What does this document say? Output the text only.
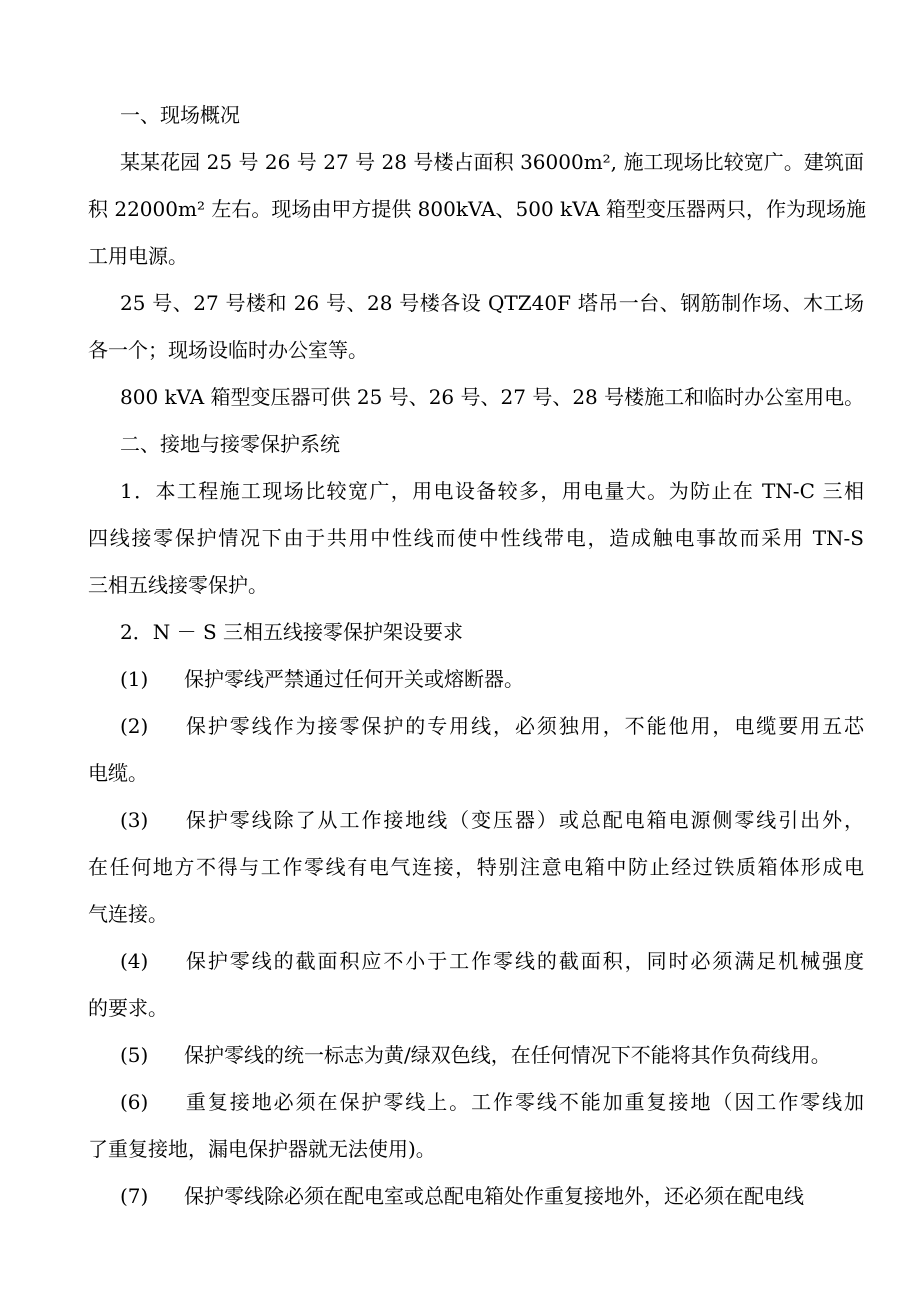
一、现场概况

某某花园 25 号 26 号 27 号 28 号楼占面积 36000m², 施工现场比较宽广。建筑面
积 22000m² 左右。现场由甲方提供 800kVA、500 kVA 箱型变压器两只，作为现场施
工用电源。

25 号、27 号楼和 26 号、28 号楼各设 QTZ40F 塔吊一台、钢筋制作场、木工场
各一个；现场设临时办公室等。

800 kVA 箱型变压器可供 25 号、26 号、27 号、28 号楼施工和临时办公室用电。

二、接地与接零保护系统

1．本工程施工现场比较宽广，用电设备较多，用电量大。为防止在 TN-C 三相
四线接零保护情况下由于共用中性线而使中性线带电，造成触电事故而采用 TN-S
三相五线接零保护。

2．N － S 三相五线接零保护架设要求

(1) 保护零线严禁通过任何开关或熔断器。

(2) 保护零线作为接零保护的专用线，必须独用，不能他用，电缆要用五芯
电缆。

(3) 保护零线除了从工作接地线（变压器）或总配电箱电源侧零线引出外，
在任何地方不得与工作零线有电气连接，特别注意电箱中防止经过铁质箱体形成电
气连接。

(4) 保护零线的截面积应不小于工作零线的截面积，同时必须满足机械强度
的要求。

(5) 保护零线的统一标志为黄/绿双色线，在任何情况下不能将其作负荷线用。

(6) 重复接地必须在保护零线上。工作零线不能加重复接地（因工作零线加
了重复接地，漏电保护器就无法使用)。

(7) 保护零线除必须在配电室或总配电箱处作重复接地外，还必须在配电线
